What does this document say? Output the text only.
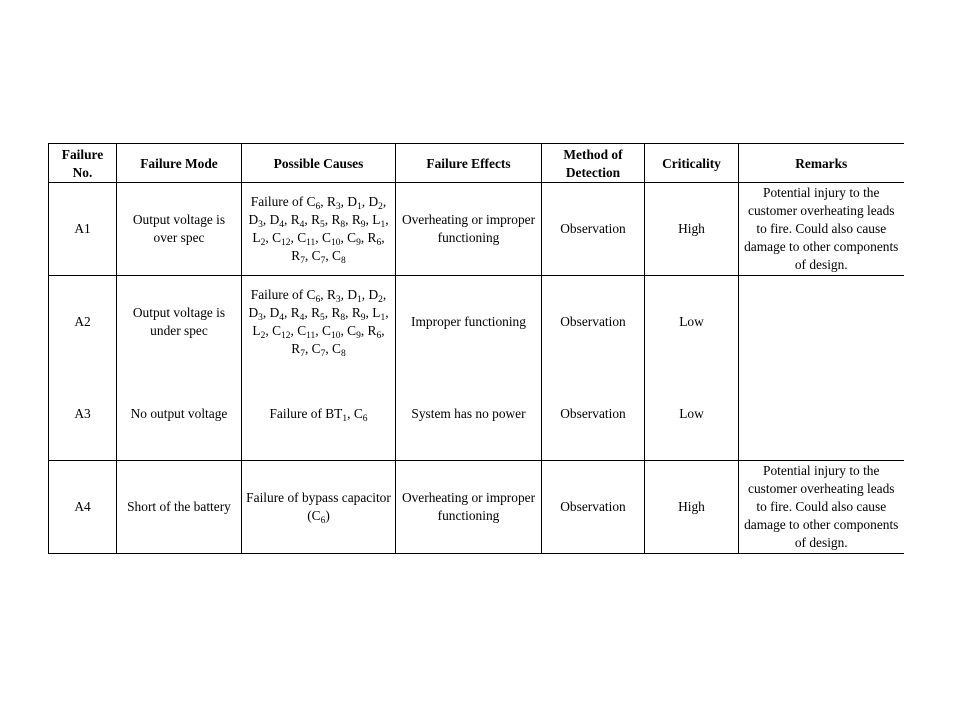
Failure No.	Failure Mode	Possible Causes	Failure Effects	Method of Detection	Criticality	Remarks
A1	Output voltage is over spec	Failure of $C_6$, $R_3$, $D_1$, $D_2$, $D_3$, $D_4$, $R_4$, $R_5$, $R_8$, $R_9$, $L_1$, $L_2$, $C_{12}$, $C_{11}$, $C_{10}$, $C_9$, $R_6$, $R_7$, $C_7$, $C_8$	Overheating or improper functioning	Observation	High	Potential injury to the customer overheating leads to fire. Could also cause damage to other components of design.
A2	Output voltage is under spec	Failure of $C_6$, $R_3$, $D_1$, $D_2$, $D_3$, $D_4$, $R_4$, $R_5$, $R_8$, $R_9$, $L_1$, $L_2$, $C_{12}$, $C_{11}$, $C_{10}$, $C_9$, $R_6$, $R_7$, $C_7$, $C_8$	Improper functioning	Observation	Low	
A3	No output voltage	Failure of $BT_1$, $C_6$	System has no power	Observation	Low	
A4	Short of the battery	Failure of bypass capacitor $(C_6)$	Overheating or improper functioning	Observation	High	Potential injury to the customer overheating leads to fire. Could also cause damage to other components of design.
